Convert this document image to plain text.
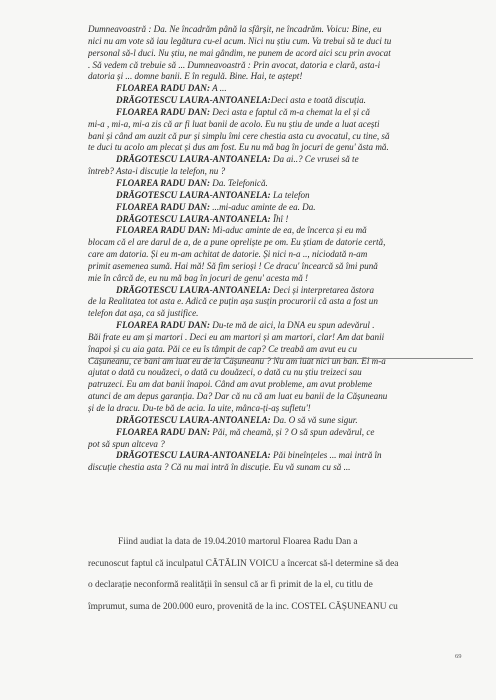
Dumneavoastră : Da. Ne încadrăm până la sfârșit, ne încadrăm. Voicu: Bine, eu
nici nu am vote să iau legătura cu-el acum. Nici nu știu cum. Va trebui să te duci tu
personal să-l duci. Nu știu, ne mai gândim, ne punem de acord aici scu prin avocat
. Să vedem că trebuie să ... Dumneavoastră : Prin avocat, datoria e clară, asta-i
datoria și ... domne banii. E în regulă. Bine. Hai, te aștept!
FLOAREA RADU DAN: A ...
DRĂGOTESCU LAURA-ANTOANELA:Deci asta e toată discuția.
FLOAREA RADU DAN: Deci asta e faptul că m-a chemat la el și că
mi-a , mi-a, mi-a zis că ar fi luat banii de acolo. Eu nu știu de unde a luat acești
bani și când am auzit că pur și simplu îmi cere chestia asta cu avocatul, cu tine, să
te duci tu acolo am plecat și dus am fost. Eu nu mă bag în jocuri de genu' ăsta mă.
DRĂGOTESCU LAURA-ANTOANELA: Da ai..? Ce vrusei să te
întreb? Asta-i discuție la telefon, nu ?
FLOAREA RADU DAN: Da. Telefonică.
DRĂGOTESCU LAURA-ANTOANELA: La telefon
FLOAREA RADU DAN: ...mi-aduc aminte de ea. Da.
DRĂGOTESCU LAURA-ANTOANELA: Îhî !
FLOAREA RADU DAN: Mi-aduc aminte de ea, de încerca și eu mă
blocam că el are darul de a, de a pune opreliște pe om. Eu știam de datorie certă,
care am datoria. Și eu m-am achitat de datorie. Și nici n-a .., niciodată n-am
primit asemenea sumă. Hai mă! Să fim serioși ! Ce dracu' încearcă să îmi pună
mie în cârcă de, eu nu mă bag în jocuri de genu' acesta mă !
DRĂGOTESCU LAURA-ANTOANELA: Deci și interpretarea ăstora
de la Realitatea tot asta e. Adică ce puțin așa susțin procurorii că asta a fost un
telefon dat așa, ca să justifice.
FLOAREA RADU DAN: Du-te mă de aici, la DNA eu spun adevărul .
Băi frate eu am și martori . Deci eu am martori și am martori, clar! Am dat banii
înapoi și cu aia gata. Păi ce eu îs tâmpit de cap? Ce treabă am avut eu cu
Cășuneanu, ce bani am luat eu de la Cășuneanu ? Nu am luat nici un ban. El m-a
ajutat o dată cu nouăzeci, o dată cu douăzeci, o dată cu nu știu treizeci sau
patruzeci. Eu am dat banii înapoi. Când am avut probleme, am avut probleme
atunci de am depus garanția. Da? Dar că nu că am luat eu banii de la Cășuneanu
și de la dracu. Du-te bă de acia. Ia uite, mânca-ți-aș sufletu'!
DRĂGOTESCU LAURA-ANTOANELA: Da. O să vă sune sigur.
FLOAREA RADU DAN: Păi, mă cheamă, și ? O să spun adevărul, ce
pot să spun altceva ?
DRĂGOTESCU LAURA-ANTOANELA: Păi bineînțeles ... mai intră în
discuție chestia asta ? Că nu mai intră în discuție. Eu vă sunam cu să ...
Fiind audiat la data de 19.04.2010 martorul Floarea Radu Dan a
recunoscut faptul că inculpatul CĂTĂLIN VOICU a încercat să-l determine să dea
o declarație neconformă realității în sensul că ar fi primit de la el, cu titlu de
împrumut, suma de 200.000 euro, provenită de la inc. COSTEL CĂȘUNEANU cu
69
